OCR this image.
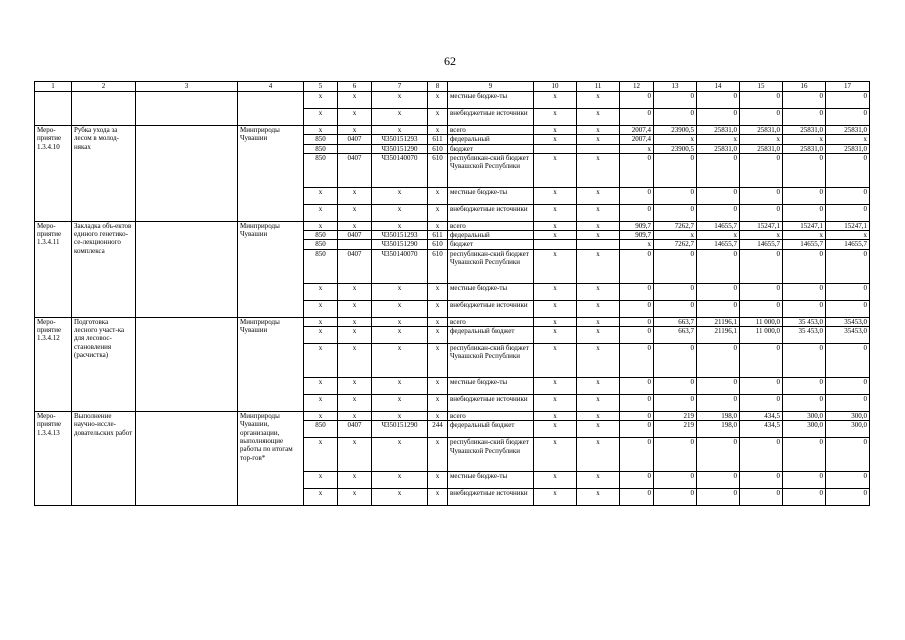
62
1	2	3	4	5	6	7	8	9	10	11	12	13	14	15	16	17
				х	х	х	х	местные бюдже-ты	х	х	0	0	0	0	0	0
				х	х	х	х	внебюджетные источники	х	х	0	0	0	0	0	0
Меро-приятие 1.3.4.10	Рубка ухода за лесом в молод-няках		Минприроды Чувашии	х	х	х	х	всего	х	х	2007,4	23900,5	25831,0	25831,0	25831,0	25831,0
				850	0407	Ч350151293	611	федеральный	х	х	2007,4	х	х	х	х	х
				850		Ч350151290	610	бюджет			х	23900,5	25831,0	25831,0	25831,0	25831,0
				850	0407	Ч350140070	610	республикан-ский бюджет Чувашской Республики	х	х	0	0	0	0	0	0
				х	х	х	х	местные бюдже-ты	х	х	0	0	0	0	0	0
				х	х	х	х	внебюджетные источники	х	х	0	0	0	0	0	0
Меро-приятие 1.3.4.11	Закладка объ-ектов единого генетико-се-лекционного комплекса		Минприроды Чувашии	х	х	х	х	всего	х	х	909,7	7262,7	14655,7	15247,1	15247,1	15247,1
				850	0407	Ч350151293	611	федеральный	х	х	909,7	х	х	х	х	х
				850		Ч350151290	610	бюджет			х	7262,7	14655,7	14655,7	14655,7	14655,7
				850	0407	Ч350140070	610	республикан-ский бюджет Чувашской Республики	х	х	0	0	0	0	0	0
				х	х	х	х	местные бюдже-ты	х	х	0	0	0	0	0	0
				х	х	х	х	внебюджетные источники	х	х	0	0	0	0	0	0
Меро-приятие 1.3.4.12	Подготовка лесного участ-ка для лесовос-становления (расчистка)		Минприроды Чувашии	х	х	х	х	всего	х	х	0	663,7	21196,1	11 000,0	35 453,0	35453,0
				х	х	х	х	федеральный бюджет	х	х	0	663,7	21196,1	11 000,0	35 453,0	35453,0
				х	х	х	х	республикан-ский бюджет Чувашской Республики	х	х	0	0	0	0	0	0
				х	х	х	х	местные бюдже-ты	х	х	0	0	0	0	0	0
				х	х	х	х	внебюджетные источники	х	х	0	0	0	0	0	0
Меро-приятие 1.3.4.13	Выполнение научно-иссле-довательских работ		Минприроды Чувашии, организации, выполняющие работы по итогам тор-гов*	х	х	х	х	всего	х	х	0	219	198,0	434,5	300,0	300,0
				850	0407	Ч350151290	244	федеральный бюджет	х	х	0	219	198,0	434,5	300,0	300,0
				х	х	х	х	республикан-ский бюджет Чувашской Республики	х	х	0	0	0	0	0	0
				х	х	х	х	местные бюдже-ты	х	х	0	0	0	0	0	0
				х	х	х	х	внебюджетные источники	х	х	0	0	0	0	0	0
